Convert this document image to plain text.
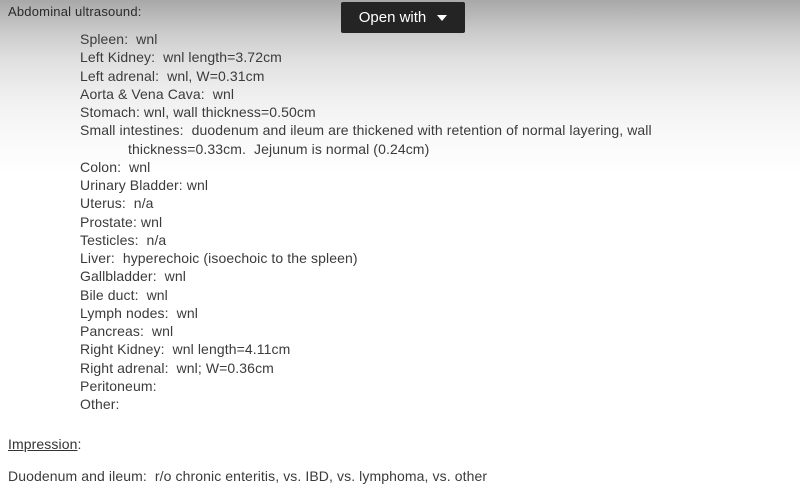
Abdominal ultrasound:	Open with
Spleen:  wnl
Left Kidney:  wnl length=3.72cm
Left adrenal:  wnl, W=0.31cm
Aorta & Vena Cava:  wnl
Stomach: wnl, wall thickness=0.50cm
Small intestines:  duodenum and ileum are thickened with retention of normal layering, wall
thickness=0.33cm.  Jejunum is normal (0.24cm)
Colon:  wnl
Urinary Bladder: wnl
Uterus:  n/a
Prostate: wnl
Testicles:  n/a
Liver:  hyperechoic (isoechoic to the spleen)
Gallbladder:  wnl
Bile duct:  wnl
Lymph nodes:  wnl
Pancreas:  wnl
Right Kidney:  wnl length=4.11cm
Right adrenal:  wnl; W=0.36cm
Peritoneum:
Other:
Impression:
Duodenum and ileum:  r/o chronic enteritis, vs. IBD, vs. lymphoma, vs. other
